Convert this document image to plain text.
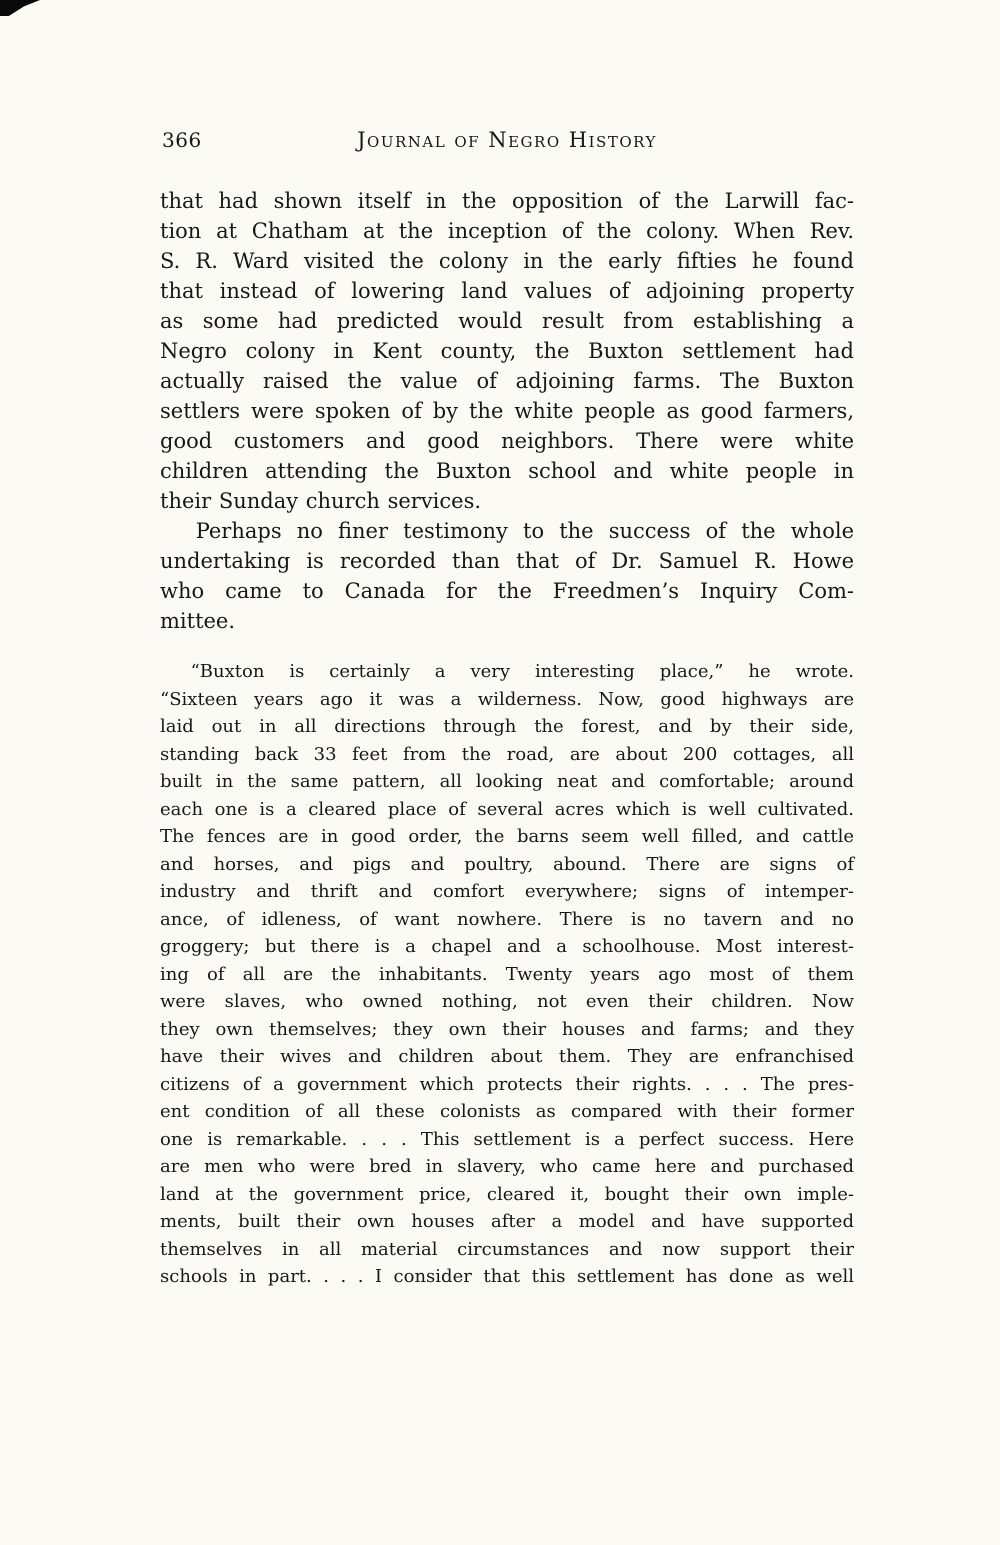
366	Journal of Negro History
that had shown itself in the opposition of the Larwill fac-
tion at Chatham at the inception of the colony. When Rev.
S. R. Ward visited the colony in the early fifties he found
that instead of lowering land values of adjoining property
as some had predicted would result from establishing a
Negro colony in Kent county, the Buxton settlement had
actually raised the value of adjoining farms. The Buxton
settlers were spoken of by the white people as good farmers,
good customers and good neighbors. There were white
children attending the Buxton school and white people in
their Sunday church services.
Perhaps no finer testimony to the success of the whole
undertaking is recorded than that of Dr. Samuel R. Howe
who came to Canada for the Freedmen’s Inquiry Com-
mittee.
“Buxton is certainly a very interesting place,” he wrote.
“Sixteen years ago it was a wilderness. Now, good highways are
laid out in all directions through the forest, and by their side,
standing back 33 feet from the road, are about 200 cottages, all
built in the same pattern, all looking neat and comfortable; around
each one is a cleared place of several acres which is well cultivated.
The fences are in good order, the barns seem well filled, and cattle
and horses, and pigs and poultry, abound. There are signs of
industry and thrift and comfort everywhere; signs of intemper-
ance, of idleness, of want nowhere. There is no tavern and no
groggery; but there is a chapel and a schoolhouse. Most interest-
ing of all are the inhabitants. Twenty years ago most of them
were slaves, who owned nothing, not even their children. Now
they own themselves; they own their houses and farms; and they
have their wives and children about them. They are enfranchised
citizens of a government which protects their rights. . . . The pres-
ent condition of all these colonists as compared with their former
one is remarkable. . . . This settlement is a perfect success. Here
are men who were bred in slavery, who came here and purchased
land at the government price, cleared it, bought their own imple-
ments, built their own houses after a model and have supported
themselves in all material circumstances and now support their
schools in part. . . . I consider that this settlement has done as well
